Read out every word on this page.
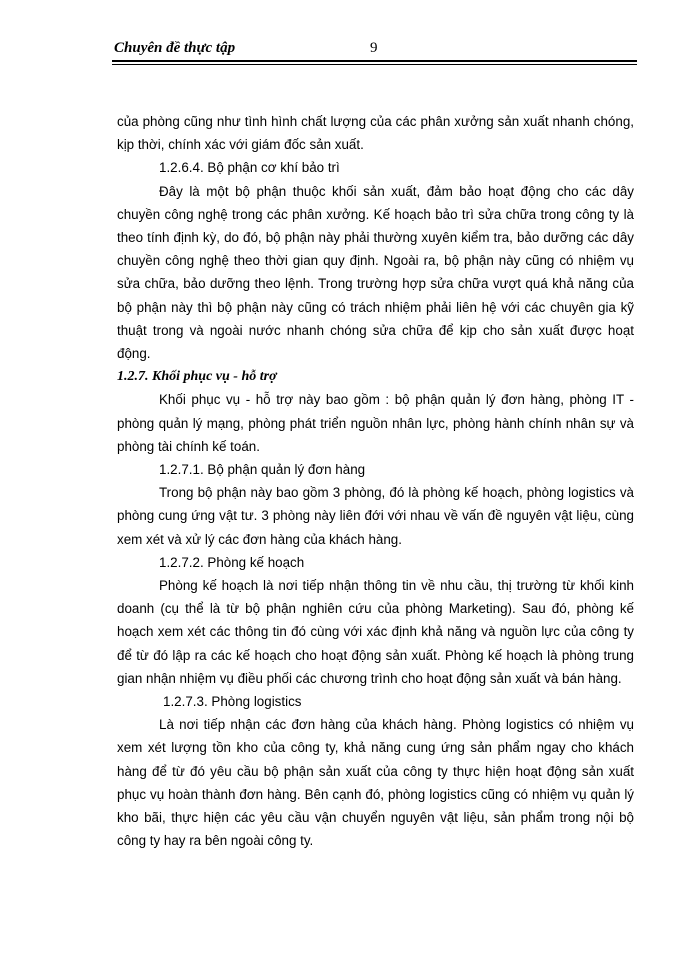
Chuyên đề thực tập	9

của phòng cũng như tình hình chất lượng của các phân xưởng sản xuất nhanh chóng, kịp thời, chính xác với giám đốc sản xuất.

1.2.6.4. Bộ phận cơ khí bảo trì

Đây là một bộ phận thuộc khối sản xuất, đảm bảo hoạt động cho các dây chuyền công nghệ trong các phân xưởng. Kế hoạch bảo trì sửa chữa trong công ty là theo tính định kỳ, do đó, bộ phận này phải thường xuyên kiểm tra, bảo dưỡng các dây chuyền công nghệ theo thời gian quy định. Ngoài ra, bộ phận này cũng có nhiệm vụ sửa chữa, bảo dưỡng theo lệnh. Trong trường hợp sửa chữa vượt quá khả năng của bộ phận này thì bộ phận này cũng có trách nhiệm phải liên hệ với các chuyên gia kỹ thuật trong và ngoài nước nhanh chóng sửa chữa để kịp cho sản xuất được hoạt động.

1.2.7. Khối phục vụ - hỗ trợ

Khối phục vụ - hỗ trợ này bao gồm : bộ phận quản lý đơn hàng, phòng IT - phòng quản lý mạng, phòng phát triển nguồn nhân lực, phòng hành chính nhân sự và phòng tài chính kế toán.

1.2.7.1. Bộ phận quản lý đơn hàng

Trong bộ phận này bao gồm 3 phòng, đó là phòng kế hoạch, phòng logistics và phòng cung ứng vật tư. 3 phòng này liên đới với nhau về vấn đề nguyên vật liệu, cùng xem xét và xử lý các đơn hàng của khách hàng.

1.2.7.2. Phòng kế hoạch

Phòng kế hoạch là nơi tiếp nhận thông tin về nhu cầu, thị trường từ khối kinh doanh (cụ thể là từ bộ phận nghiên cứu của phòng Marketing). Sau đó, phòng kế hoạch xem xét các thông tin đó cùng với xác định khả năng và nguồn lực của công ty để từ đó lập ra các kế hoạch cho hoạt động sản xuất. Phòng kế hoạch là phòng trung gian nhận nhiệm vụ điều phối các chương trình cho hoạt động sản xuất và bán hàng.

1.2.7.3. Phòng logistics

Là nơi tiếp nhận các đơn hàng của khách hàng. Phòng logistics có nhiệm vụ xem xét lượng tồn kho của công ty, khả năng cung ứng sản phẩm ngay cho khách hàng để từ đó yêu cầu bộ phận sản xuất của công ty thực hiện hoạt động sản xuất phục vụ hoàn thành đơn hàng. Bên cạnh đó, phòng logistics cũng có nhiệm vụ quản lý kho bãi, thực hiện các yêu cầu vận chuyển nguyên vật liệu, sản phẩm trong nội bộ công ty hay ra bên ngoài công ty.
